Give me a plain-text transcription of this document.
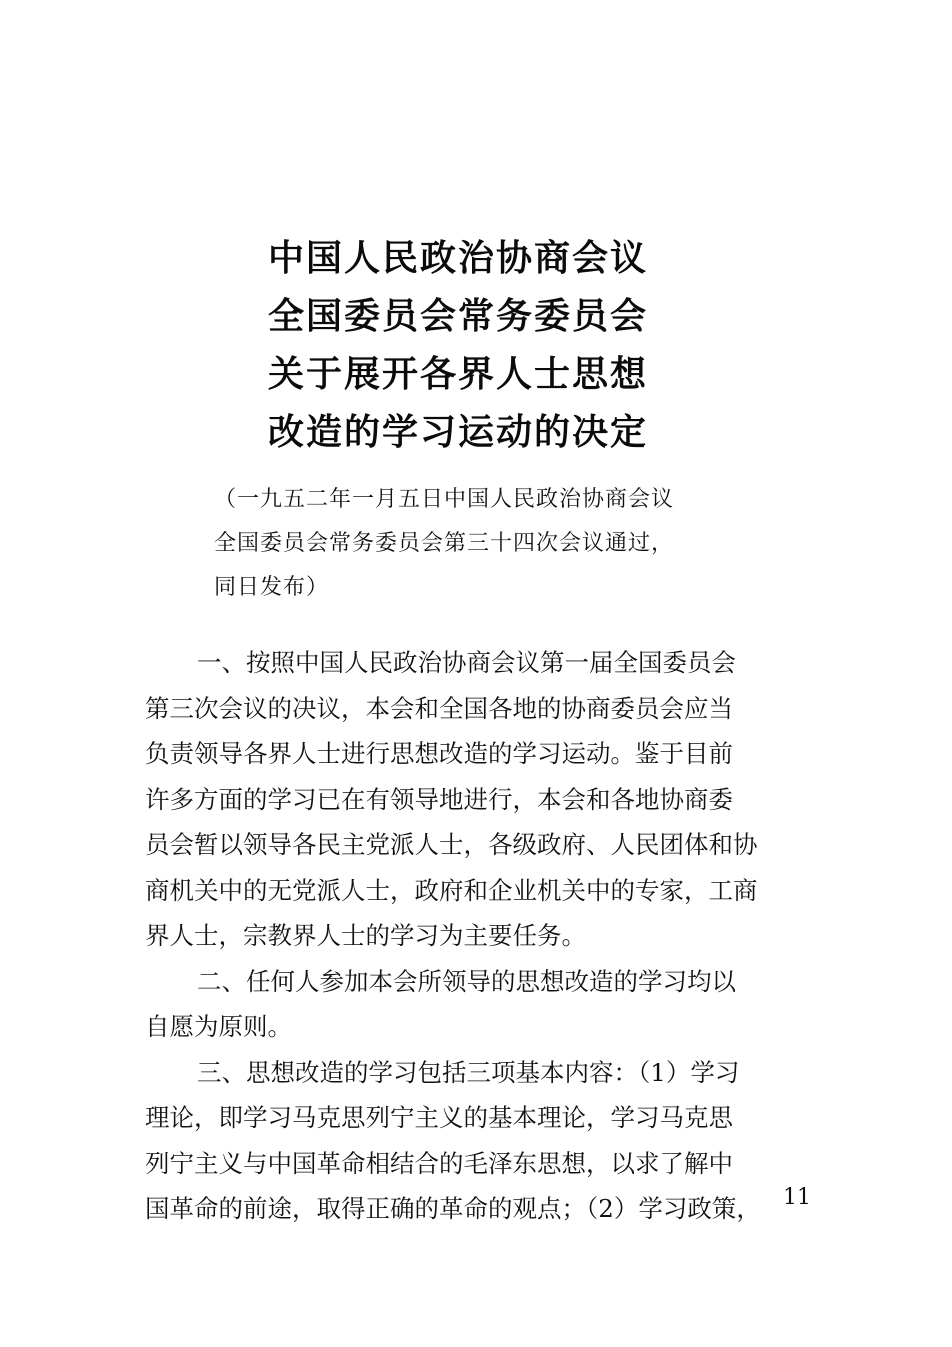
中国人民政治协商会议
全国委员会常务委员会
关于展开各界人士思想
改造的学习运动的决定
（一九五二年一月五日中国人民政治协商会议
全国委员会常务委员会第三十四次会议通过，
同日发布）
一、按照中国人民政治协商会议第一届全国委员会
第三次会议的决议，本会和全国各地的协商委员会应当
负责领导各界人士进行思想改造的学习运动。鉴于目前
许多方面的学习已在有领导地进行，本会和各地协商委
员会暂以领导各民主党派人士，各级政府、人民团体和协
商机关中的无党派人士，政府和企业机关中的专家，工商
界人士，宗教界人士的学习为主要任务。
二、任何人参加本会所领导的思想改造的学习均以
自愿为原则。
三、思想改造的学习包括三项基本内容：（1）学习
理论，即学习马克思列宁主义的基本理论，学习马克思
列宁主义与中国革命相结合的毛泽东思想，以求了解中
国革命的前途，取得正确的革命的观点；（2）学习政策，	11
